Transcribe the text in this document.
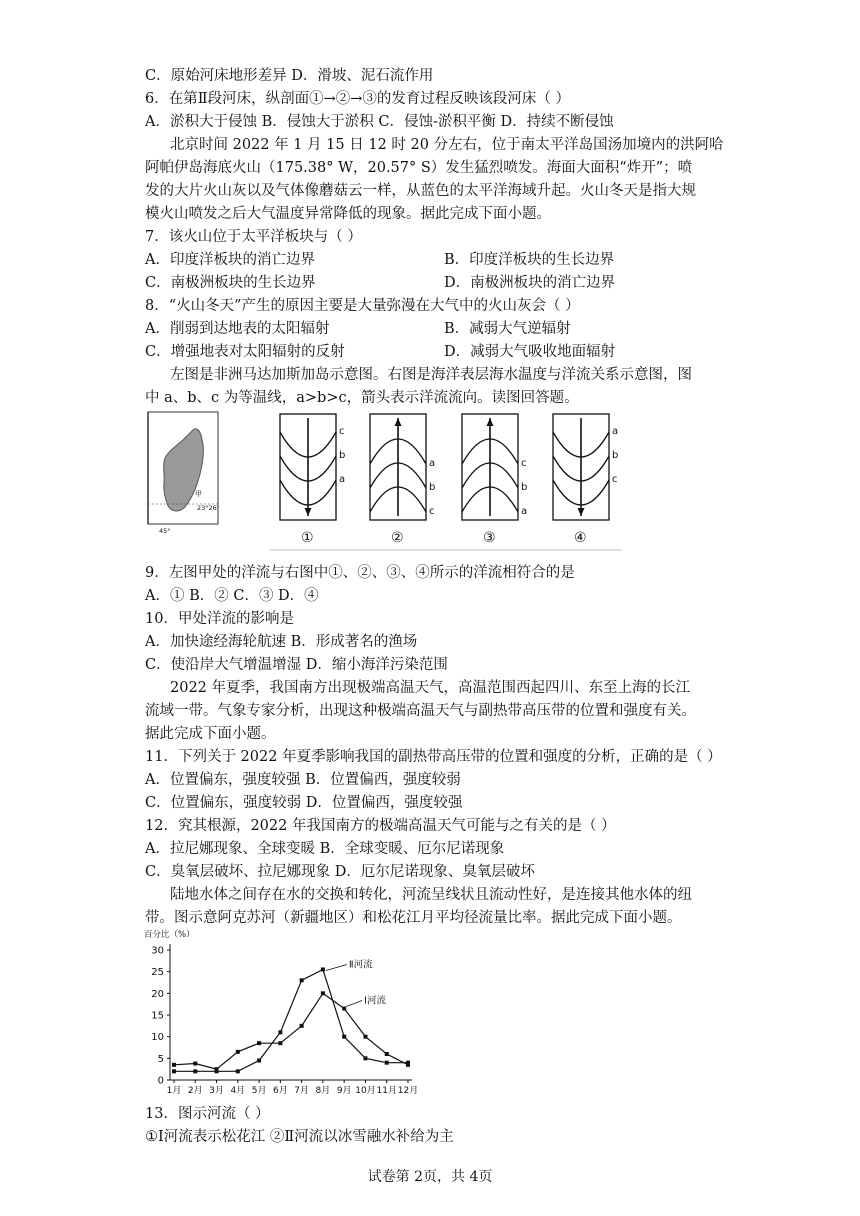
C．原始河床地形差异 D．滑坡、泥石流作用
6．在第Ⅱ段河床，纵剖面①→②→③的发育过程反映该段河床（ ）
A．淤积大于侵蚀 B．侵蚀大于淤积 C．侵蚀-淤积平衡 D．持续不断侵蚀
北京时间 2022 年 1 月 15 日 12 时 20 分左右，位于南太平洋岛国汤加境内的洪阿哈
阿帕伊岛海底火山（175.38° W，20.57° S）发生猛烈喷发。海面大面积“炸开”；喷
发的大片火山灰以及气体像蘑菇云一样，从蓝色的太平洋海域升起。火山冬天是指大规
模火山喷发之后大气温度异常降低的现象。据此完成下面小题。
7．该火山位于太平洋板块与（ ）
A．印度洋板块的消亡边界	B．印度洋板块的生长边界
C．南极洲板块的生长边界	D．南极洲板块的消亡边界
8．“火山冬天”产生的原因主要是大量弥漫在大气中的火山灰会（ ）
A．削弱到达地表的太阳辐射	B．减弱大气逆辐射
C．增强地表对太阳辐射的反射	D．减弱大气吸收地面辐射
左图是非洲马达加斯加岛示意图。右图是海洋表层海水温度与洋流关系示意图，图
中 a、b、c 为等温线，a>b>c，箭头表示洋流流向。读图回答题。
甲
23°26′
45°
c
b
a
①
a
b
c
②
c
b
a
③
a
b
c
④
9．左图甲处的洋流与右图中①、②、③、④所示的洋流相符合的是
A．① B．② C．③ D．④
10．甲处洋流的影响是
A．加快途经海轮航速 B．形成著名的渔场
C．使沿岸大气增温增湿 D．缩小海洋污染范围
2022 年夏季，我国南方出现极端高温天气，高温范围西起四川、东至上海的长江
流域一带。气象专家分析，出现这种极端高温天气与副热带高压带的位置和强度有关。
据此完成下面小题。
11．下列关于 2022 年夏季影响我国的副热带高压带的位置和强度的分析，正确的是（ ）
A．位置偏东，强度较强 B．位置偏西，强度较弱
C．位置偏东，强度较弱 D．位置偏西，强度较强
12．究其根源，2022 年我国南方的极端高温天气可能与之有关的是（ ）
A．拉尼娜现象、全球变暖 B．全球变暖、厄尔尼诺现象
C．臭氧层破坏、拉尼娜现象 D．厄尔尼诺现象、臭氧层破坏
陆地水体之间存在水的交换和转化，河流呈线状且流动性好，是连接其他水体的纽
带。图示意阿克苏河（新疆地区）和松花江月平均径流量比率。据此完成下面小题。
百分比（%）
0
5
10
15
20
25
30
1月 2月 3月 4月 5月 6月 7月 8月 9月 10月 11月 12月
Ⅱ河流
Ⅰ河流
13．图示河流（ ）
①Ⅰ河流表示松花江 ②Ⅱ河流以冰雪融水补给为主
试卷第 2页，共 4页
